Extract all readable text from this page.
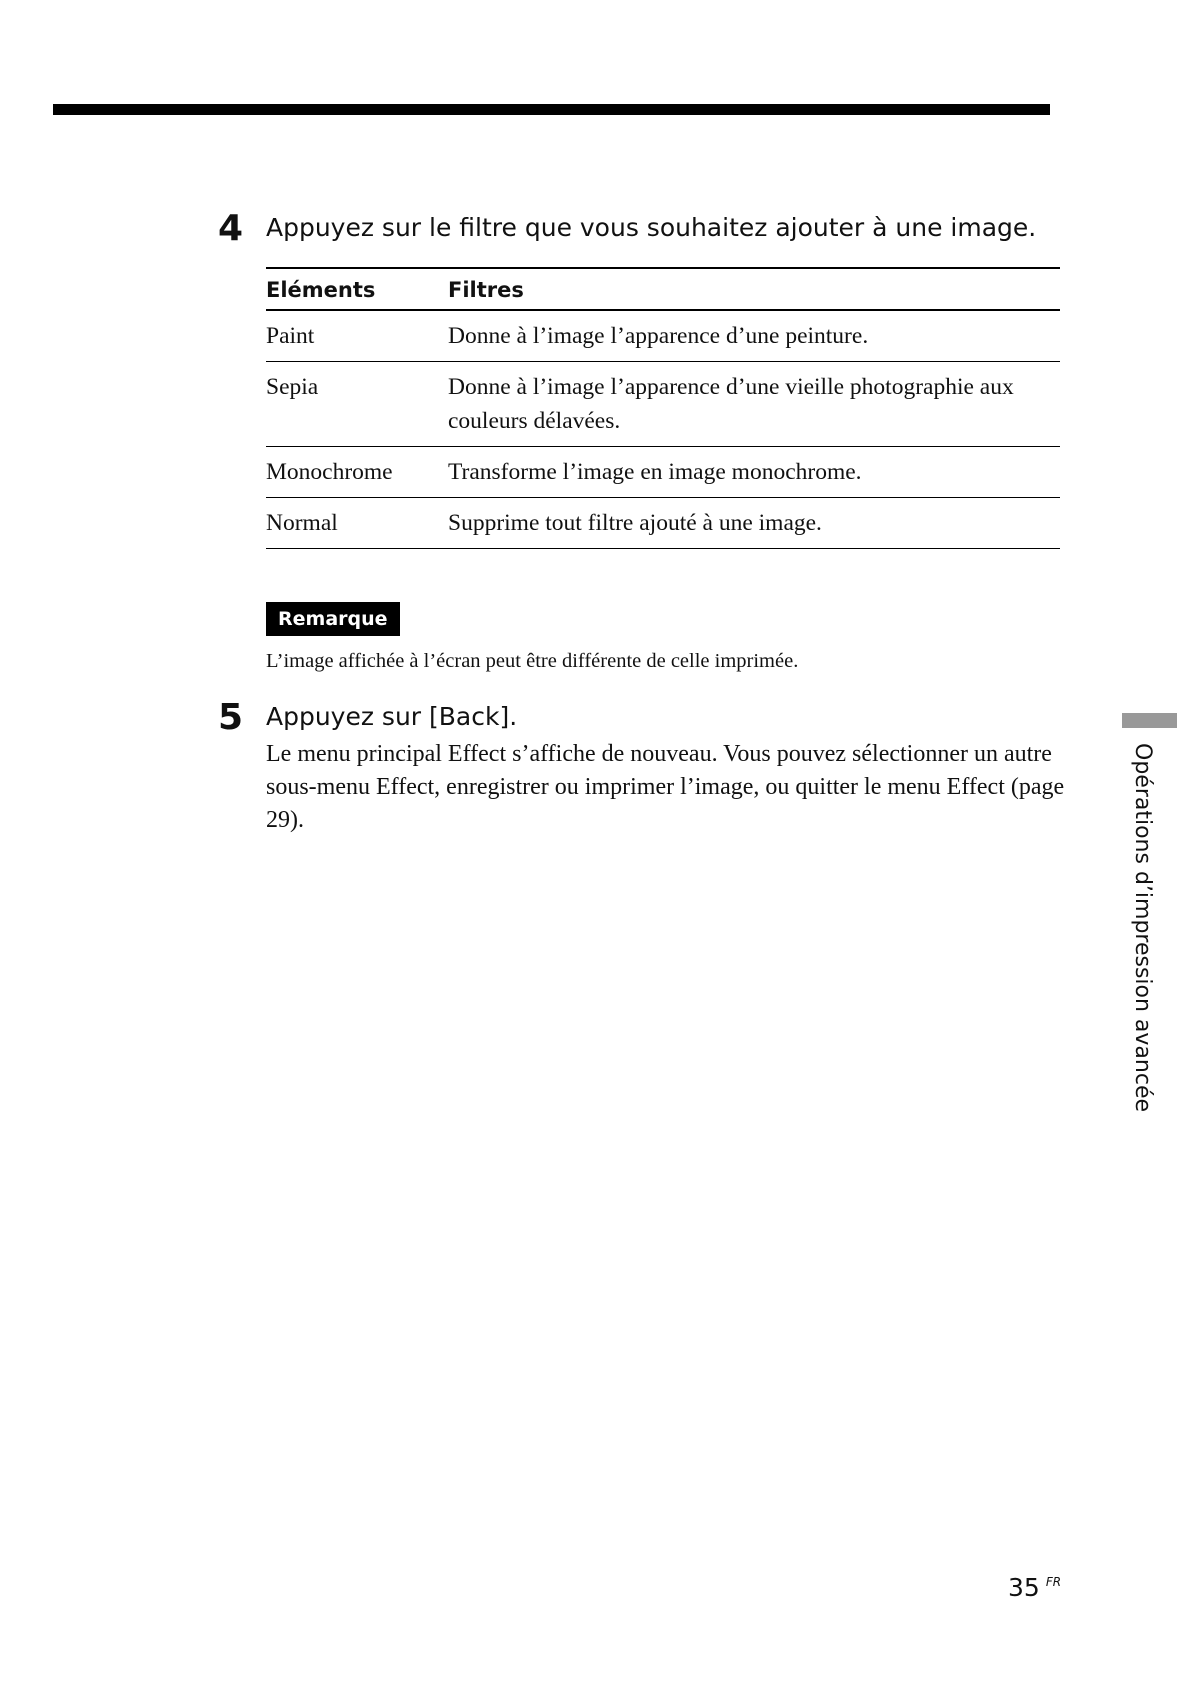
4 Appuyez sur le filtre que vous souhaitez ajouter à une image.
Eléments	Filtres
Paint	Donne à l’image l’apparence d’une peinture.
Sepia	Donne à l’image l’apparence d’une vieille photographie aux couleurs délavées.
Monochrome	Transforme l’image en image monochrome.
Normal	Supprime tout filtre ajouté à une image.
Remarque
L’image affichée à l’écran peut être différente de celle imprimée.
5 Appuyez sur [Back].
Le menu principal Effect s’affiche de nouveau. Vous pouvez sélectionner un autre sous-menu Effect, enregistrer ou imprimer l’image, ou quitter le menu Effect (page 29).	Opérations d’impression avancée
35 $^{FR}$
